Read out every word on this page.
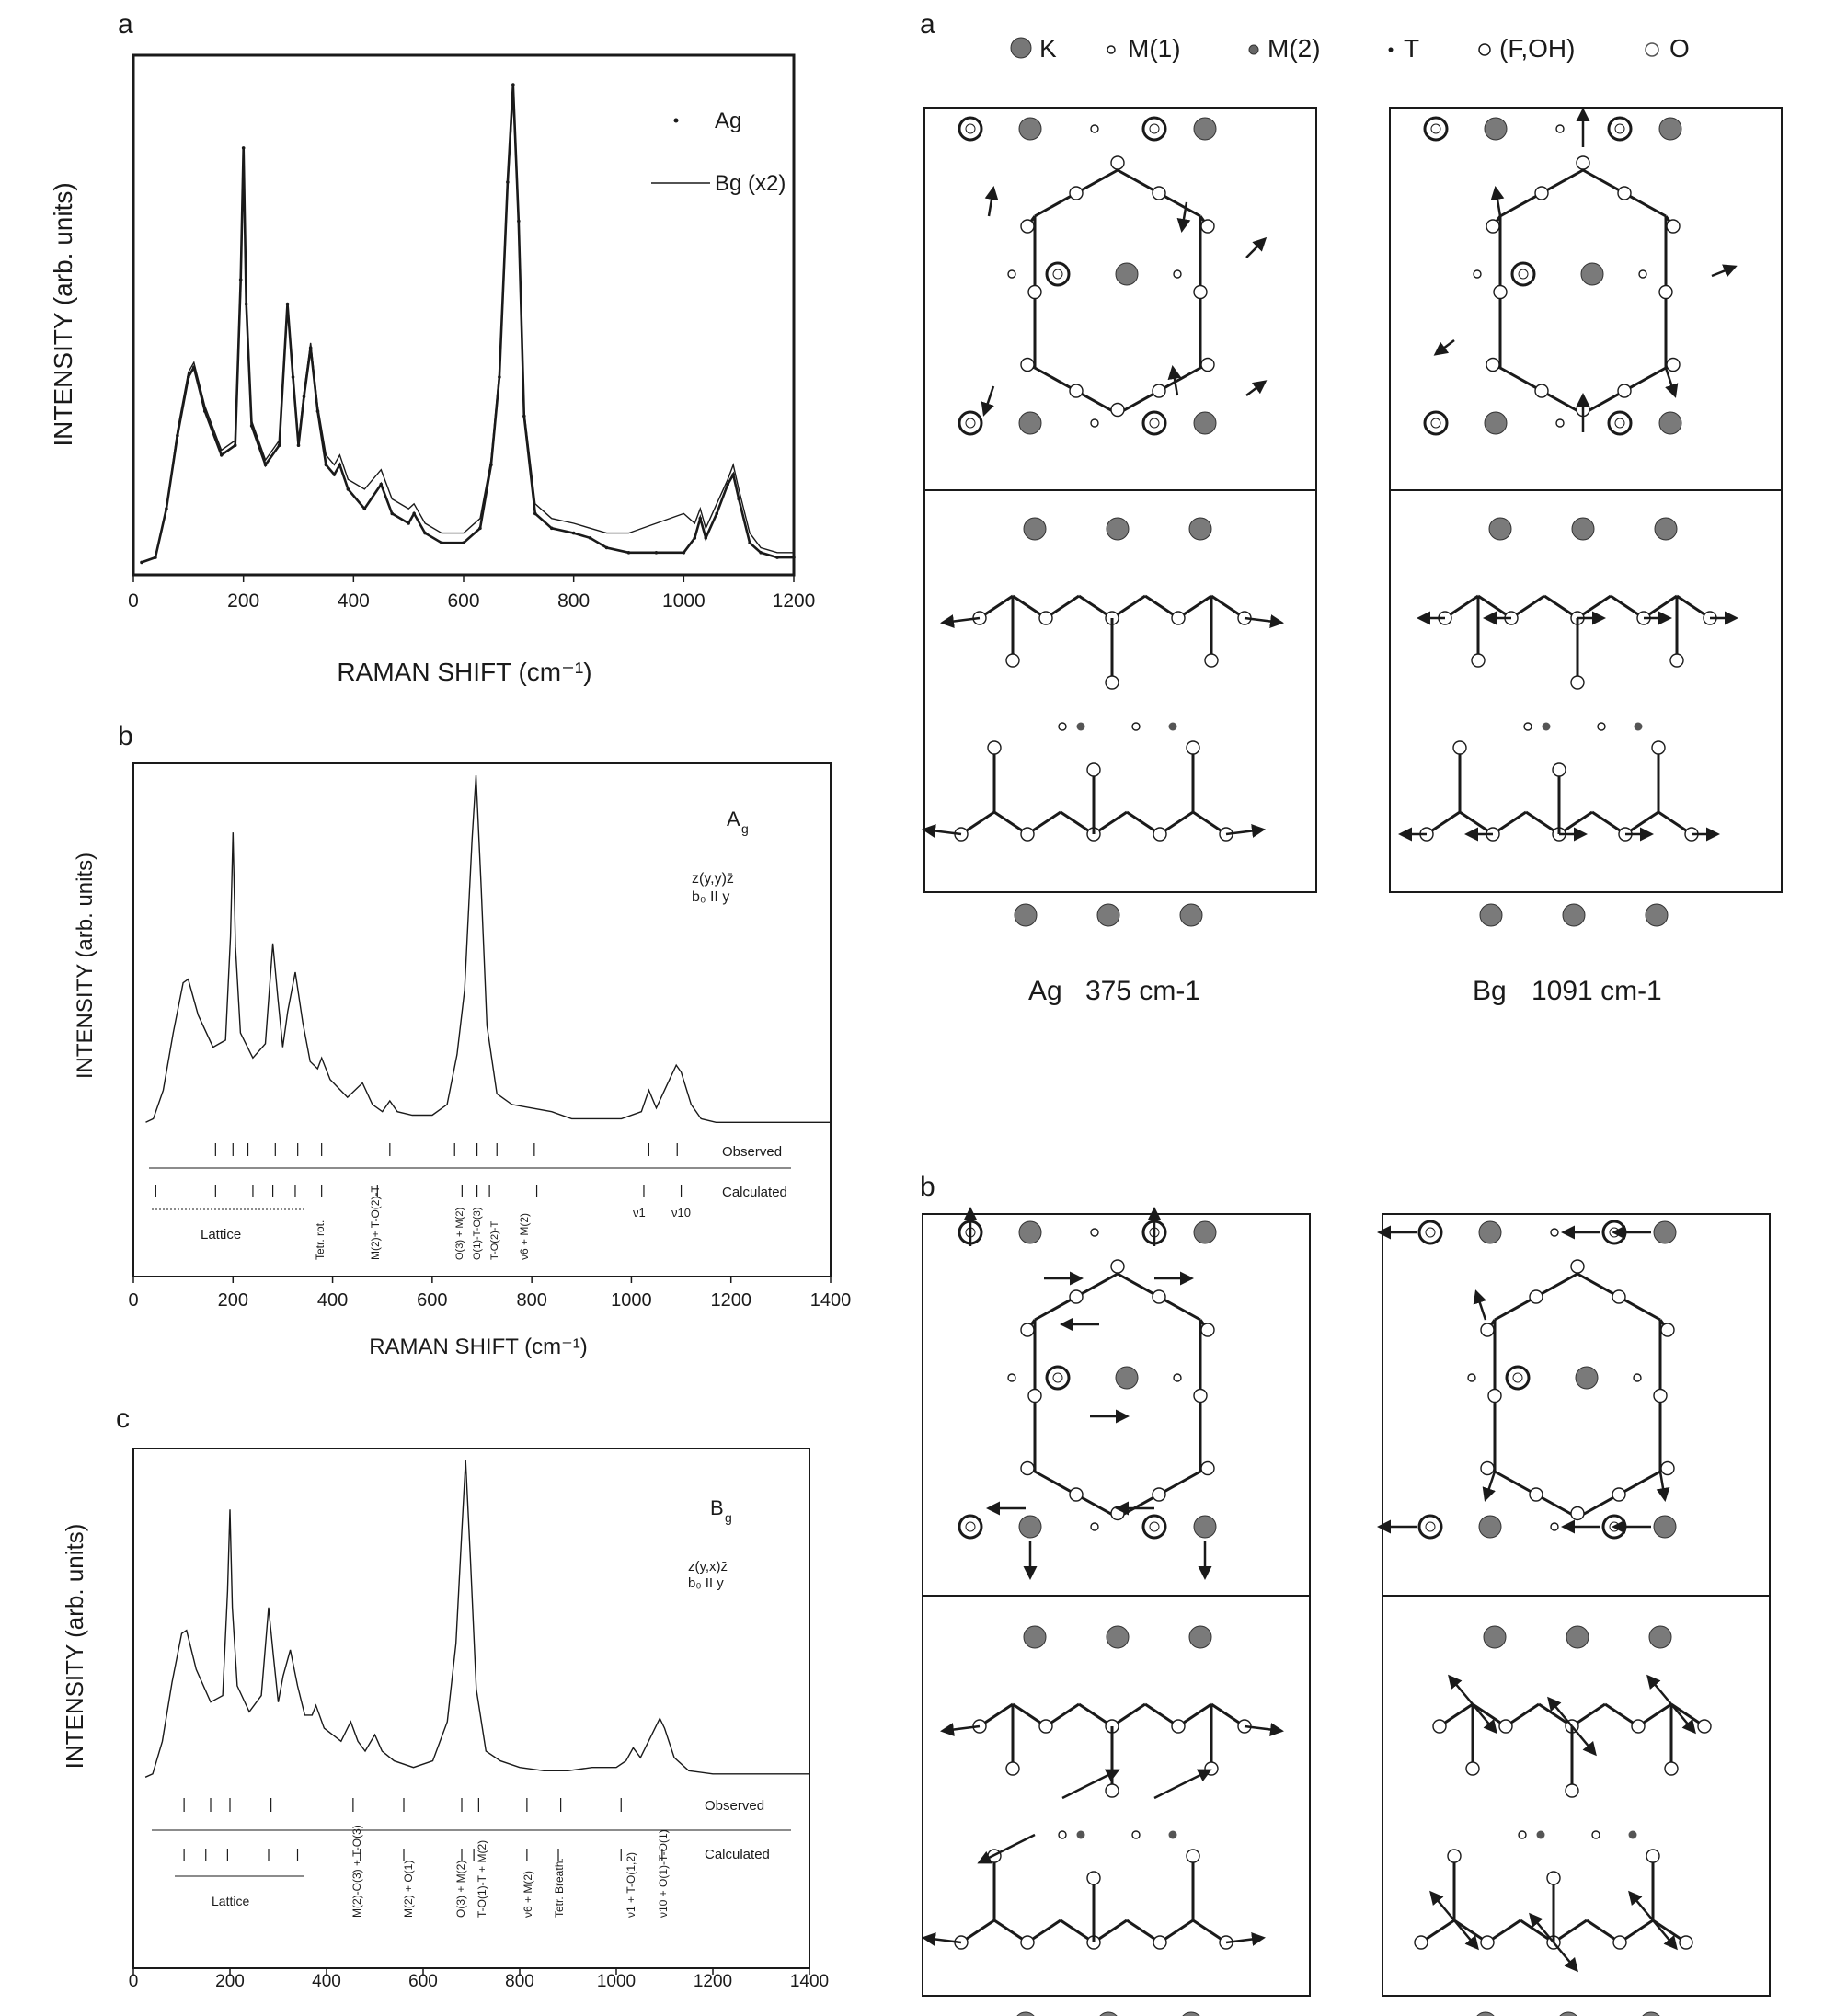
a
0	200	400	600	800	1000	1200
RAMAN SHIFT (cm⁻¹)
INTENSITY (arb. units)
Ag
Bg (x2)
b
0	200	400	600	800	1000	1200	1400
RAMAN SHIFT (cm⁻¹)
INTENSITY (arb. units)
A g
z(y,y)z̄
b₀ II y
Observed
Calculated
Lattice	Tetr. rot.	M(2)+ T-O(2)-T	O(3) + M(2) O(1)-T-O(3) T-O(2)-T ν6 + M(2)
ν1 ν10
c
0	200	400	600	800	1000	1200	1400
INTENSITY (arb. units)
B g
z(y,x)z̄
b₀ II y
Observed
Calculated
Lattice	M(2)-O(3) + T-O(3)	M(2) + O(1)	O(3) + M(2) T-O(1)-T + M(2)	ν6 + M(2) Tetr. Breath.	ν1 + T-O(1,2) ν10 + O(1)-T-O(1)
a
K	M(1)	M(2)	T	(F,OH)	O
Ag 375 cm-1	Bg 1091 cm-1
b
